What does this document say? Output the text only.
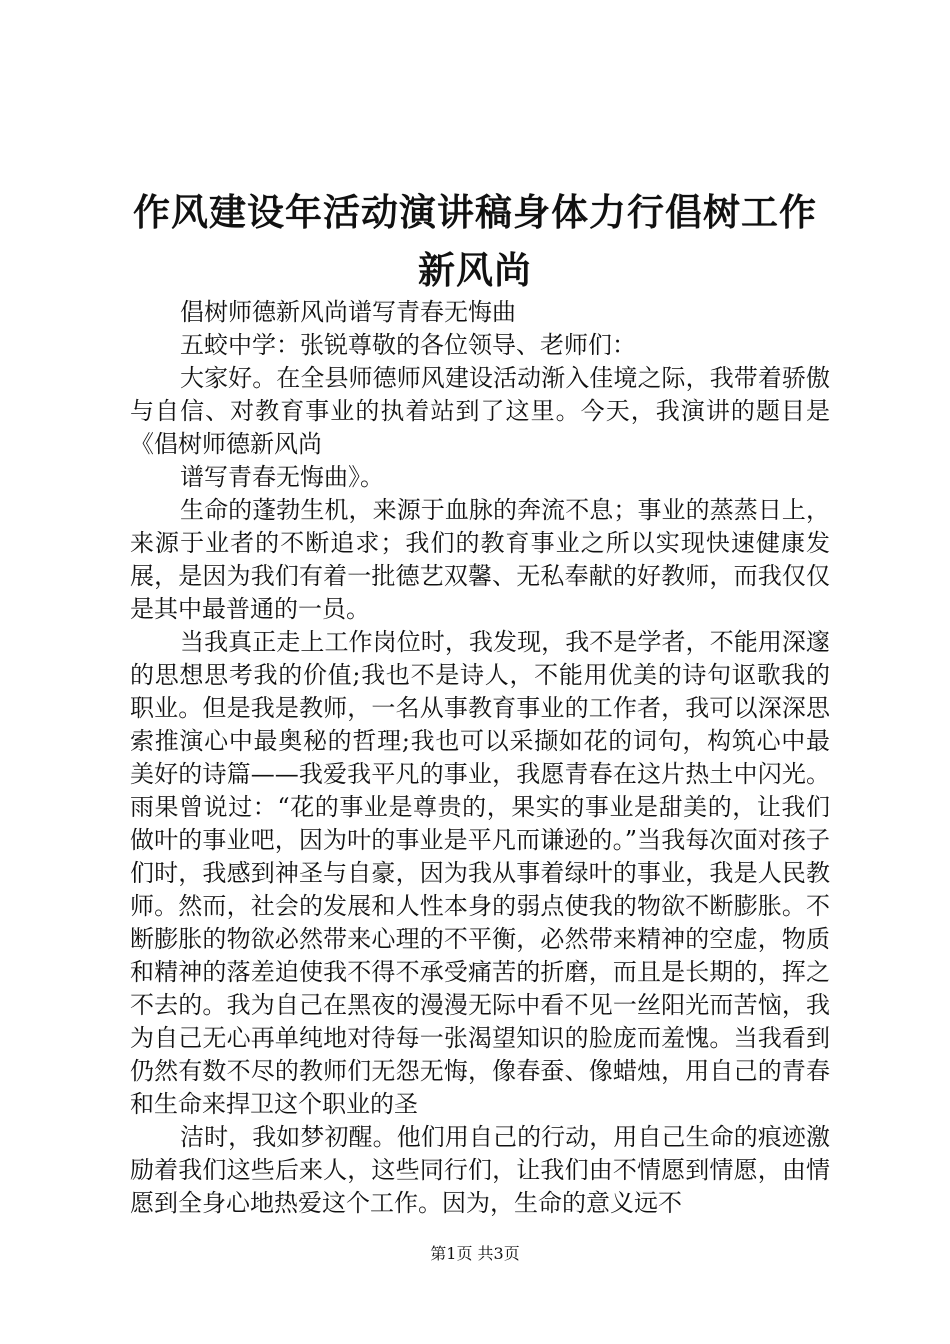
作风建设年活动演讲稿身体力行倡树工作新风尚

倡树师德新风尚谱写青春无悔曲

五蛟中学：张锐尊敬的各位领导、老师们：

大家好。在全县师德师风建设活动渐入佳境之际，我带着骄傲与自信、对教育事业的执着站到了这里。今天，我演讲的题目是《倡树师德新风尚

谱写青春无悔曲》。

生命的蓬勃生机，来源于血脉的奔流不息；事业的蒸蒸日上，来源于业者的不断追求；我们的教育事业之所以实现快速健康发展，是因为我们有着一批德艺双馨、无私奉献的好教师，而我仅仅是其中最普通的一员。

当我真正走上工作岗位时，我发现，我不是学者，不能用深邃的思想思考我的价值;我也不是诗人，不能用优美的诗句讴歌我的职业。但是我是教师，一名从事教育事业的工作者，我可以深深思索推演心中最奥秘的哲理;我也可以采撷如花的词句，构筑心中最美好的诗篇——我爱我平凡的事业，我愿青春在这片热土中闪光。雨果曾说过：“花的事业是尊贵的，果实的事业是甜美的，让我们做叶的事业吧，因为叶的事业是平凡而谦逊的。”当我每次面对孩子们时，我感到神圣与自豪，因为我从事着绿叶的事业，我是人民教师。然而，社会的发展和人性本身的弱点使我的物欲不断膨胀。不断膨胀的物欲必然带来心理的不平衡，必然带来精神的空虚，物质和精神的落差迫使我不得不承受痛苦的折磨，而且是长期的，挥之不去的。我为自己在黑夜的漫漫无际中看不见一丝阳光而苦恼，我为自己无心再单纯地对待每一张渴望知识的脸庞而羞愧。当我看到仍然有数不尽的教师们无怨无悔，像春蚕、像蜡烛，用自己的青春和生命来捍卫这个职业的圣

洁时，我如梦初醒。他们用自己的行动，用自己生命的痕迹激励着我们这些后来人，这些同行们，让我们由不情愿到情愿，由情愿到全身心地热爱这个工作。因为，生命的意义远不

第1页 共3页
